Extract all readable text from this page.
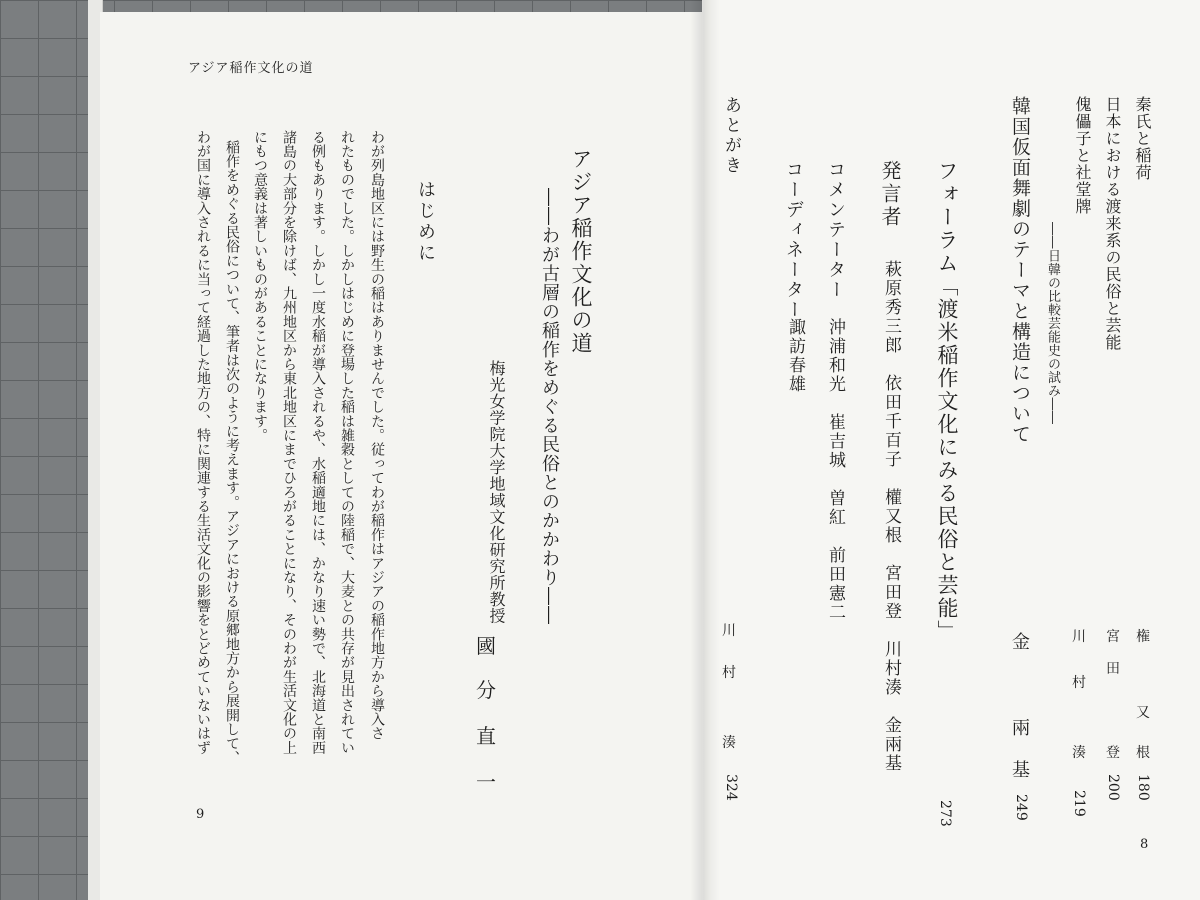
アジア稲作文化の道
アジア稲作文化の道
――わが古層の稲作をめぐる民俗とのかかわり――
梅光女学院大学地域文化研究所教授
國
分
直
一
はじめに
わが列島地区には野生の稲はありませんでした。従ってわが稲作はアジアの稲作地方から導入さ
れたものでした。しかしはじめに登場した稲は雑穀としての陸稲で、大麦との共存が見出されてい
る例もあります。しかし一度水稲が導入されるや、水稲適地には、かなり速い勢で、北海道と南西
諸島の大部分を除けば、九州地区から東北地区にまでひろがることになり、そのわが生活文化の上
にもつ意義は著しいものがあることになります。
稲作をめぐる民俗について、筆者は次のように考えます。アジアにおける原郷地方から展開して、
わが国に導入されるに当って経過した地方の、特に関連する生活文化の影響をとどめていないはず
9
秦氏と稲荷
権
又
根
180
日本における渡来系の民俗と芸能
宮
田
登
200
傀儡子と社堂牌
――日韓の比較芸能史の試み――
川
村
湊
219
韓国仮面舞劇のテーマと構造について
金
兩
基
249
フォーラム「渡米稲作文化にみる民俗と芸能」
273
発言者
萩原秀三郎　依田千百子　權又根　宮田登　川村湊　金兩基
コメンテーター
沖浦和光　崔吉城　曽紅　前田憲二
コーディネーター
諏訪春雄
あとがき
川
村
湊
324
8
